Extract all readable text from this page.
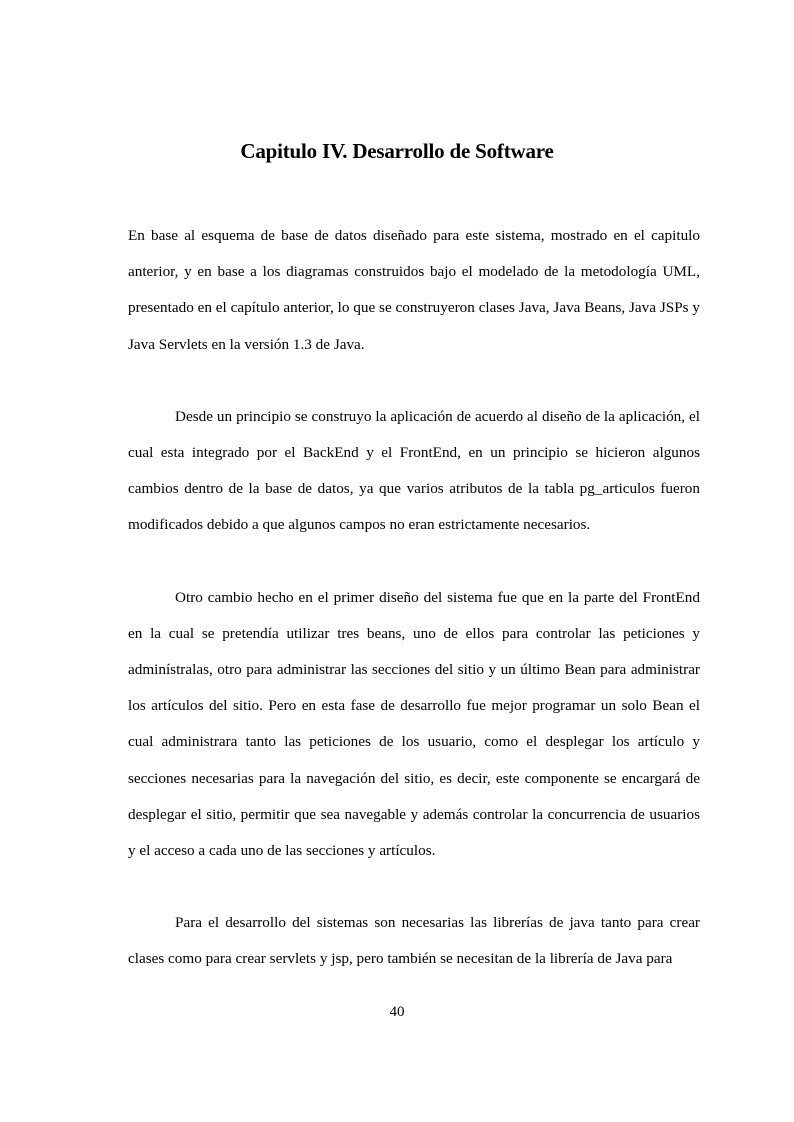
Capitulo IV. Desarrollo de Software

En base al esquema de base de datos diseñado para este sistema, mostrado en el capitulo anterior, y en base a los diagramas construidos bajo el modelado de la metodología UML, presentado en el capítulo anterior, lo que se construyeron clases Java, Java Beans, Java JSPs y Java Servlets en la versión 1.3 de Java.

Desde un principio se construyo la aplicación de acuerdo al diseño de la aplicación, el cual esta integrado por el BackEnd y el FrontEnd, en un principio se hicieron algunos cambios dentro de la base de datos, ya que varios atributos de la tabla pg_articulos fueron modificados debido a que algunos campos no eran estrictamente necesarios.

Otro cambio hecho en el primer diseño del sistema fue que en la parte del FrontEnd en la cual se pretendía utilizar tres beans, uno de ellos para controlar las peticiones y adminístralas, otro para administrar las secciones del sitio y un último Bean para administrar los artículos del sitio. Pero en esta fase de desarrollo fue mejor programar un solo Bean el cual administrara tanto las peticiones de los usuario, como el desplegar los artículo y secciones necesarias para la navegación del sitio, es decir, este componente se encargará de desplegar el sitio, permitir que sea navegable y además controlar la concurrencia de usuarios y el acceso a cada uno de las secciones y artículos.

Para el desarrollo del sistemas son necesarias las librerías de java tanto para crear clases como para crear servlets y jsp, pero también se necesitan de la librería de Java para

40
